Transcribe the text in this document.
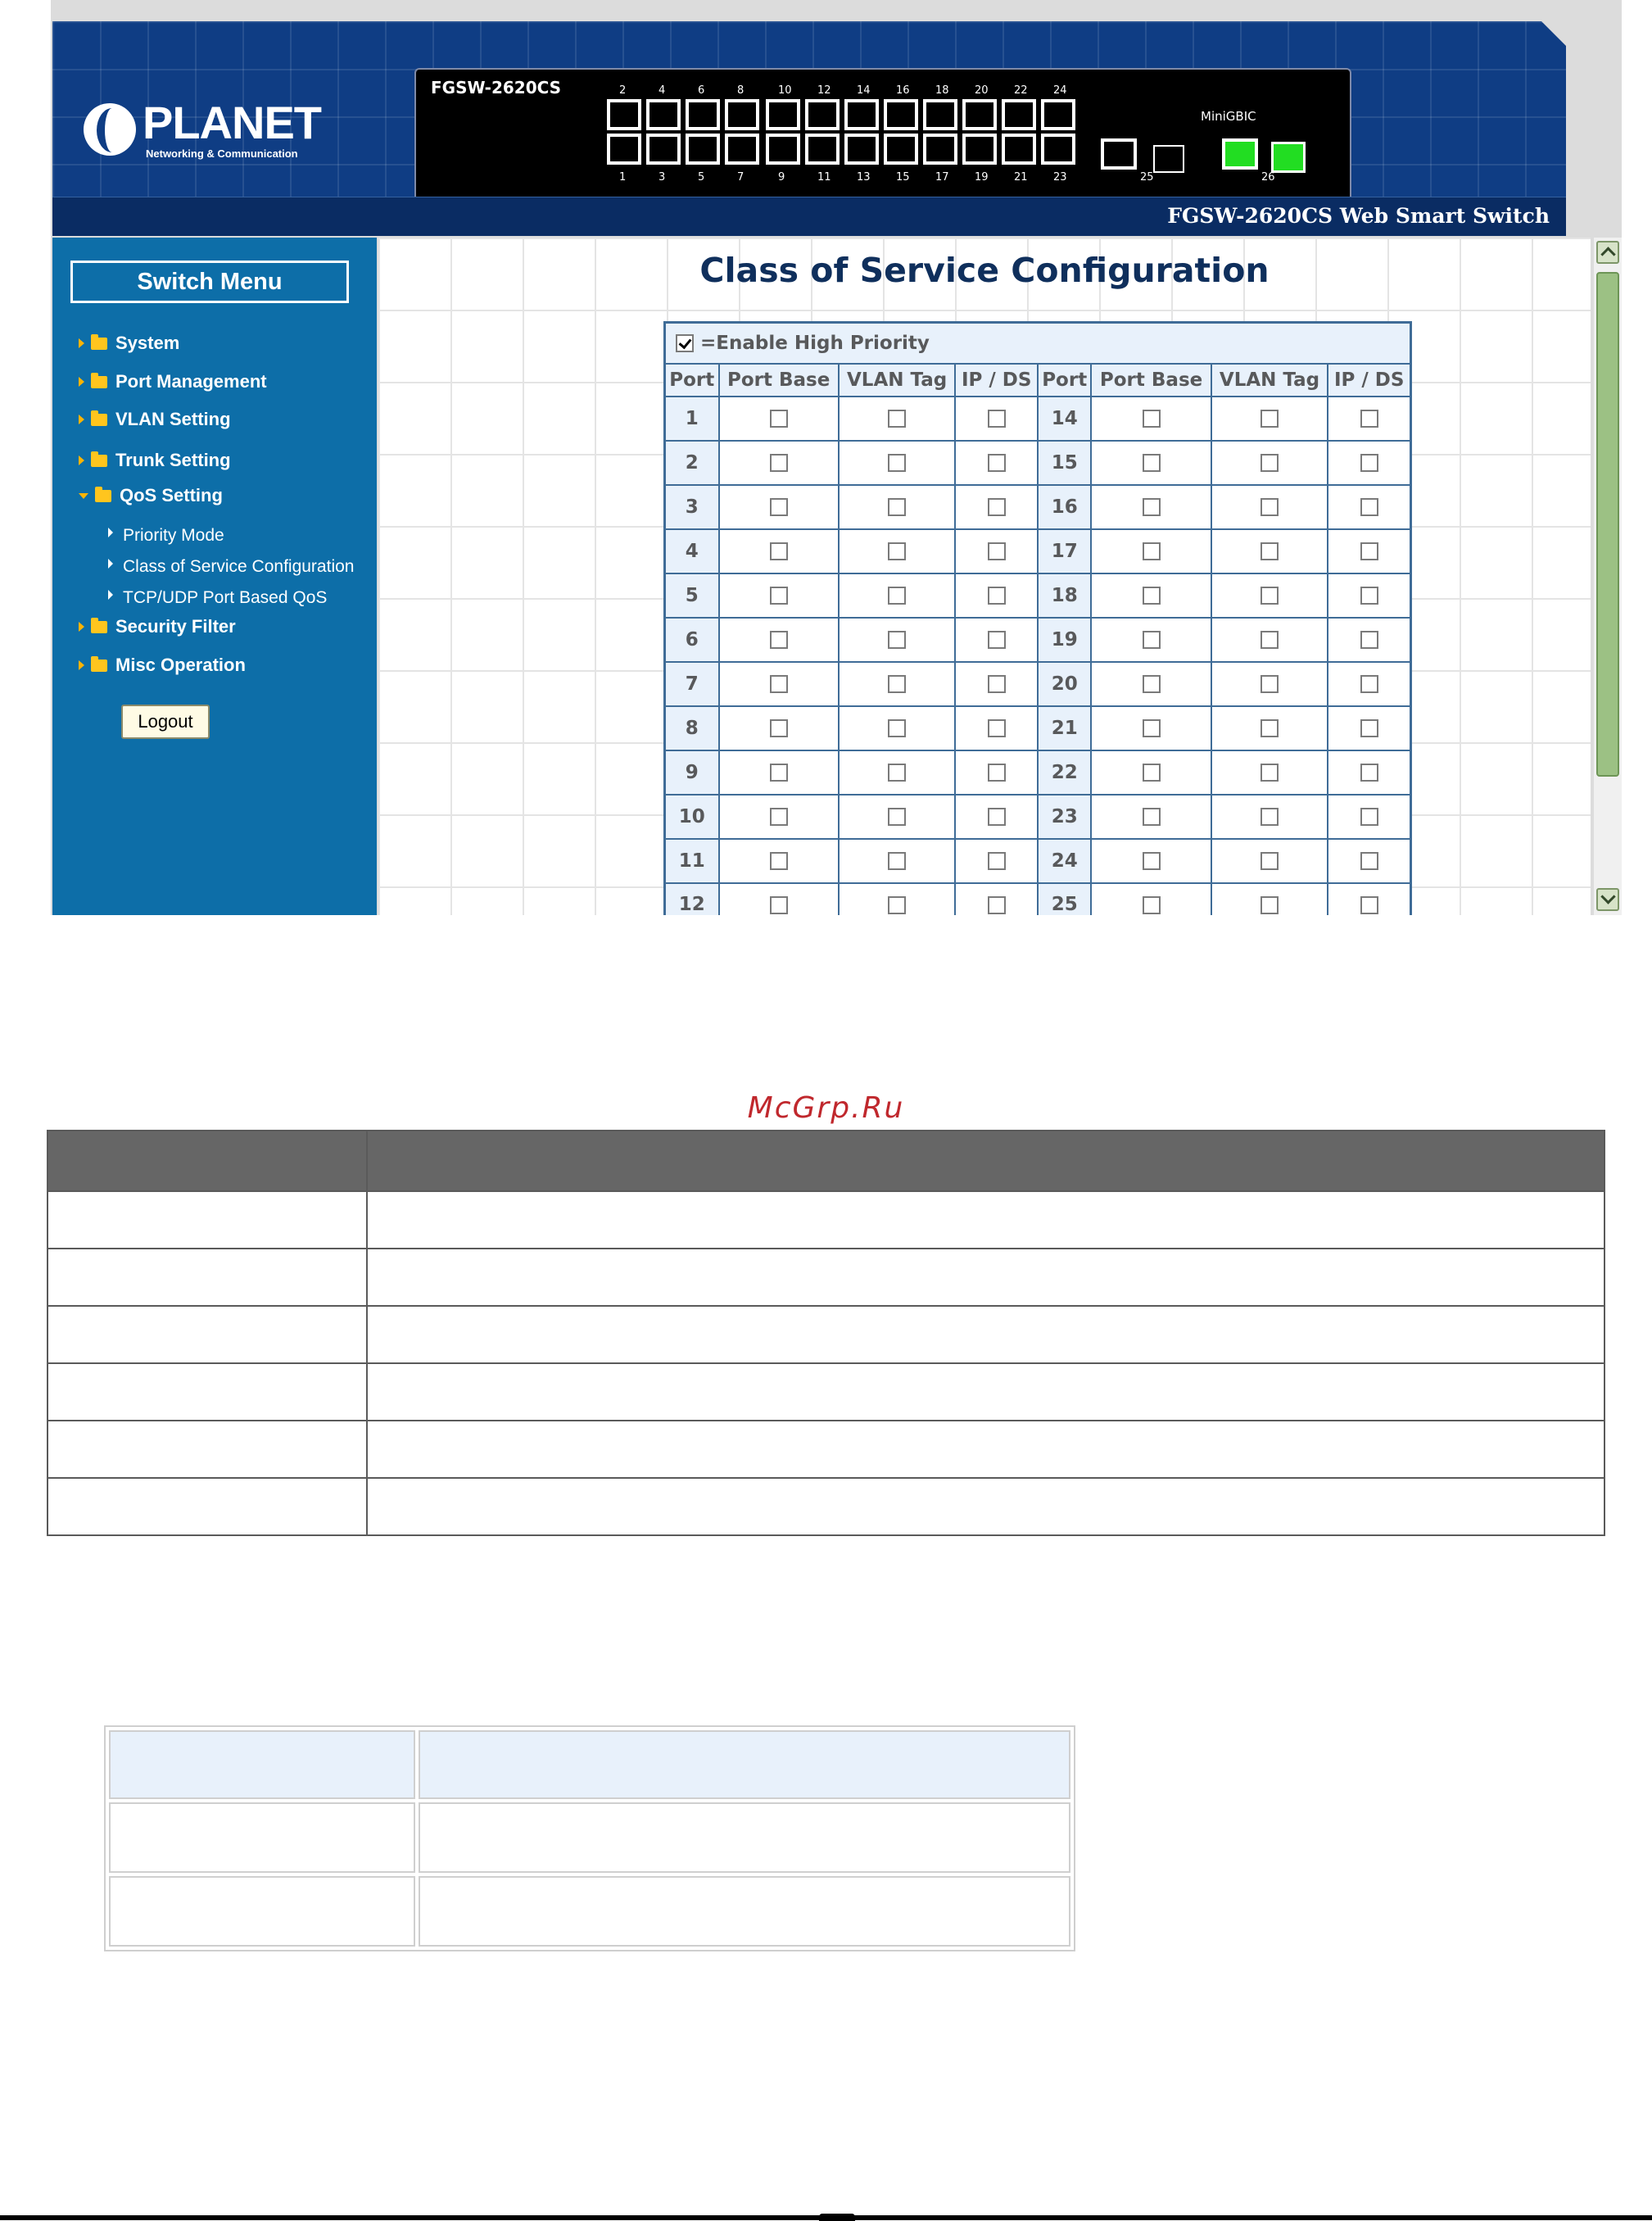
PLANET
Networking & Communication
FGSW-2620CS	2
1
4
3
6
5
8
7
10
9
12
11
14
13
16
15
18
17
20
19
22
21
24
23
MiniGBIC
25	26
FGSW-2620CS Web Smart Switch
Switch Menu
System
Port Management
VLAN Setting
Trunk Setting
QoS Setting
Priority Mode
Class of Service Configuration
TCP/UDP Port Based QoS
Security Filter
Misc Operation
Logout
Class of Service Configuration
=Enable High Priority							
Port	Port Base	VLAN Tag	IP / DS	Port	Port Base	VLAN Tag	IP / DS
1				14			
2				15			
3				16			
4				17			
5				18			
6				19			
7				20			
8				21			
9				22			
10				23			
11				24			
12				25			
McGrp.Ru
